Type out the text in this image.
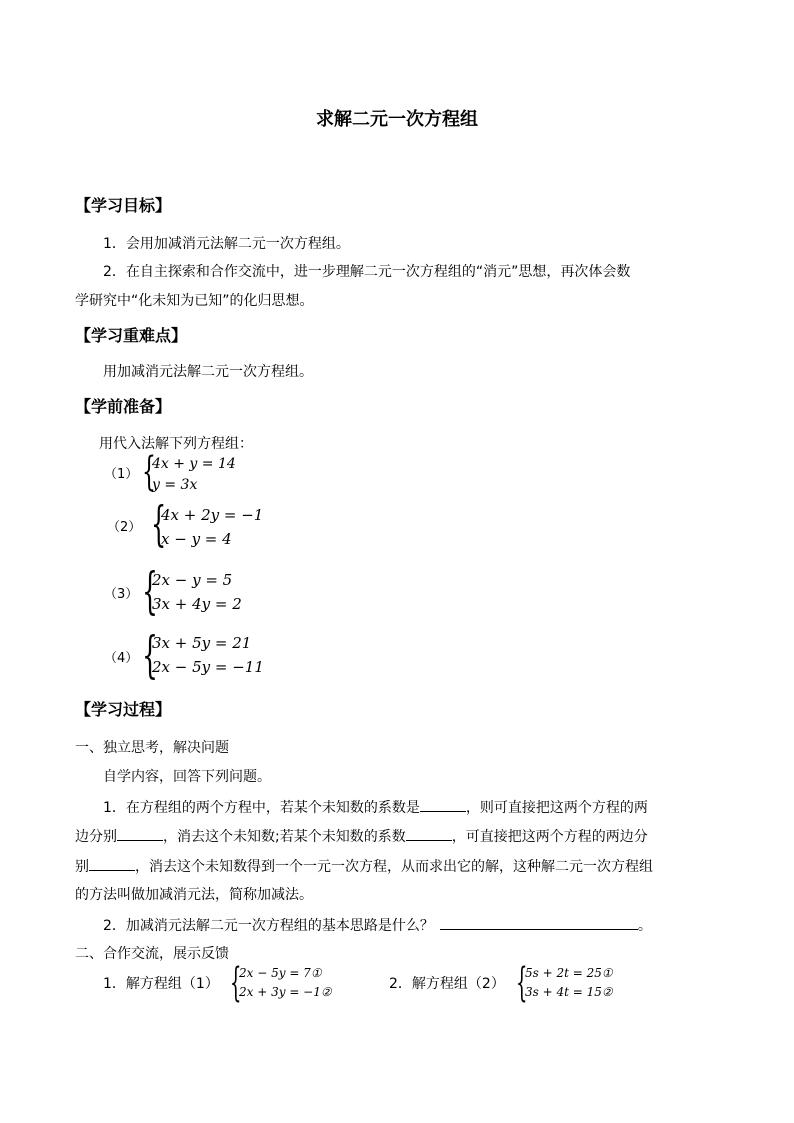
求解二元一次方程组
【学习目标】
1．会用加减消元法解二元一次方程组。
2．在自主探索和合作交流中，进一步理解二元一次方程组的“消元”思想，再次体会数
学研究中“化未知为已知”的化归思想。
【学习重难点】
用加减消元法解二元一次方程组。
【学前准备】
用代入法解下列方程组：
（1） {
4x + y = 14
y = 3x
（2） {
4x + 2y = −1
x − y = 4
（3） {
2x − y = 5
3x + 4y = 2
（4） {
3x + 5y = 21
2x − 5y = −11
【学习过程】
一、独立思考，解决问题
自学内容，回答下列问题。
1．在方程组的两个方程中，若某个未知数的系数是	，则可直接把这两个方程的两
边分别	，消去这个未知数;若某个未知数的系数	，可直接把这两个方程的两边分
别	，消去这个未知数得到一个一元一次方程，从而求出它的解，这种解二元一次方程组
的方法叫做加减消元法，简称加减法。
2．加减消元法解二元一次方程组的基本思路是什么？	。
二、合作交流，展示反馈
1．解方程组（1） {
2x − 5y = 7①
2x + 3y = −1②	2．解方程组（2） {
5s + 2t = 25①
3s + 4t = 15②
